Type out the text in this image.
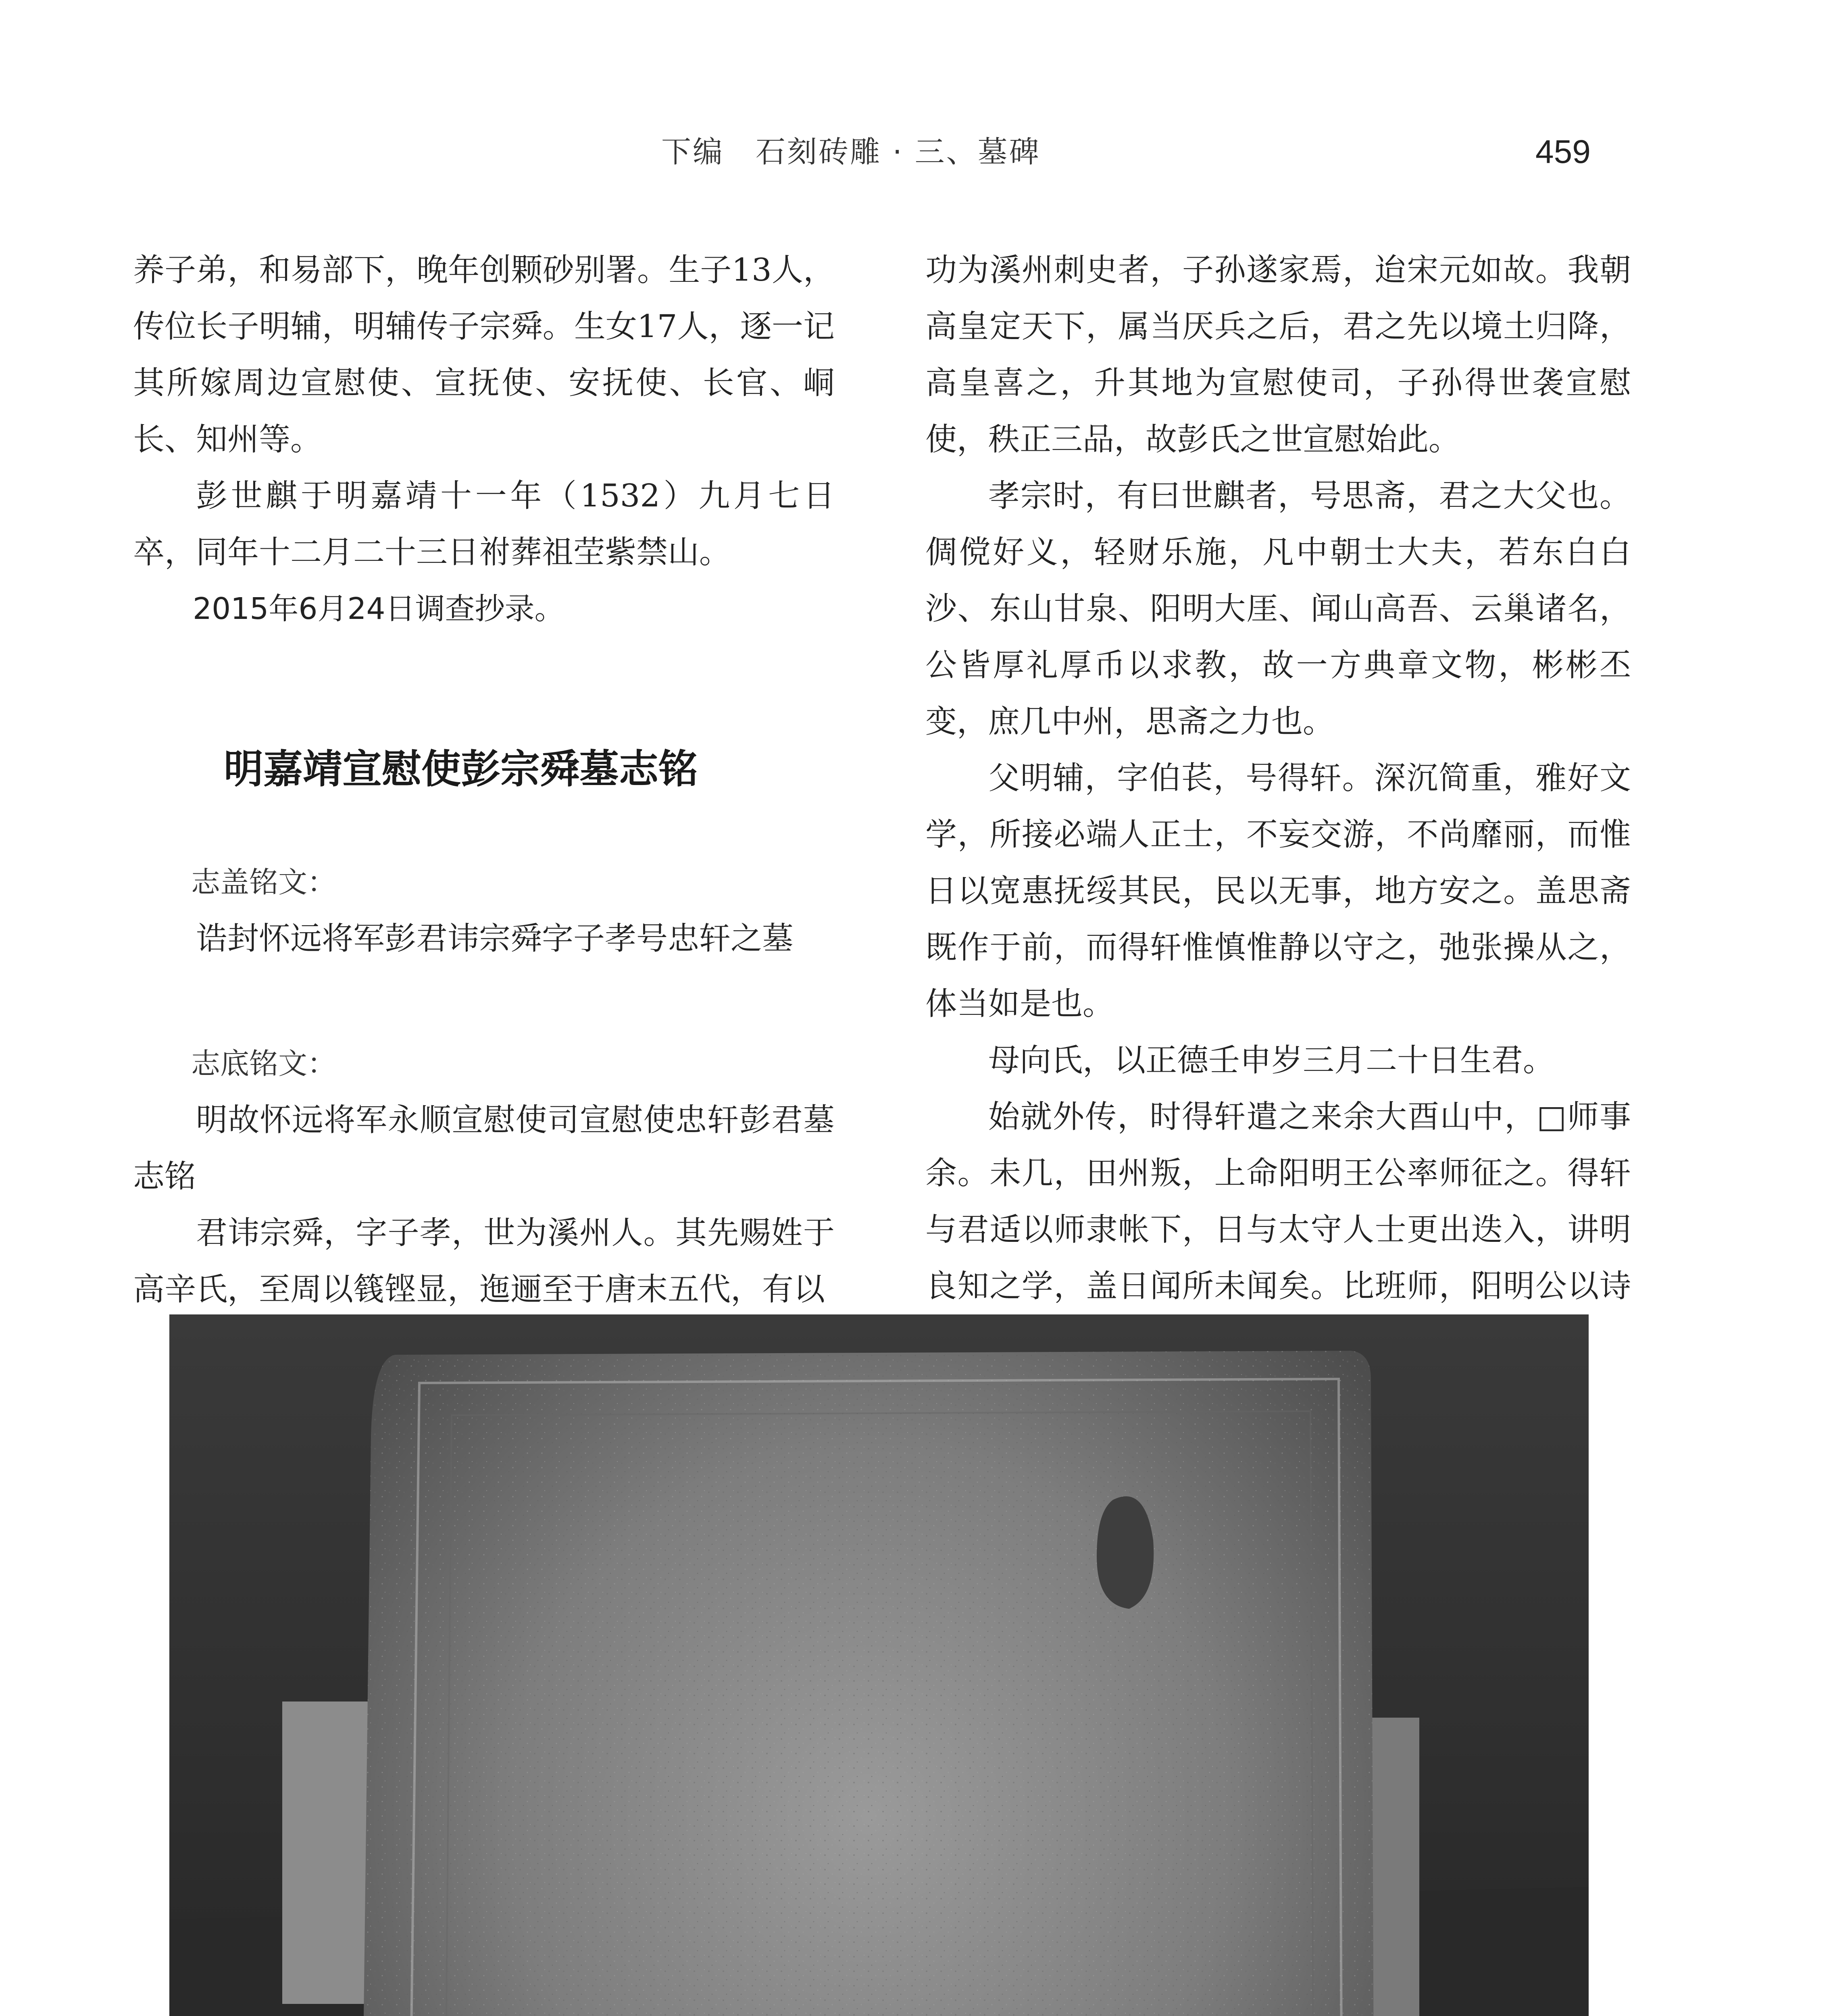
下编　石刻砖雕 · 三、墓碑	459

养子弟，和易部下，晚年创颗砂别署。生子13人，传位长子明辅，明辅传子宗舜。生女17人，逐一记其所嫁周边宣慰使、宣抚使、安抚使、长官、峒长、知州等。

彭世麒于明嘉靖十一年（1532）九月七日卒，同年十二月二十三日祔葬祖茔紫禁山。

2015年6月24日调查抄录。

明嘉靖宣慰使彭宗舜墓志铭

志盖铭文：

诰封怀远将军彭君讳宗舜字子孝号忠轩之墓

志底铭文：

明故怀远将军永顺宣慰使司宣慰使忠轩彭君墓志铭

君讳宗舜，字子孝，世为溪州人。其先赐姓于高辛氏，至周以篯铿显，迤逦至于唐末五代，有以

功为溪州刺史者，子孙遂家焉，迨宋元如故。我朝高皇定天下，属当厌兵之后，君之先以境土归降，高皇喜之，升其地为宣慰使司，子孙得世袭宣慰使，秩正三品，故彭氏之世宣慰始此。

孝宗时，有曰世麒者，号思斋，君之大父也。倜傥好义，轻财乐施，凡中朝士大夫，若东白白沙、东山甘泉、阳明大厓、闻山高吾、云巢诸名，公皆厚礼厚币以求教，故一方典章文物，彬彬丕变，庶几中州，思斋之力也。

父明辅，字伯苌，号得轩。深沉简重，雅好文学，所接必端人正士，不妄交游，不尚靡丽，而惟日以宽惠抚绥其民，民以无事，地方安之。盖思斋既作于前，而得轩惟慎惟静以守之，弛张操从之，体当如是也。

母向氏，以正德壬申岁三月二十日生君。

始就外传，时得轩遣之来余大酉山中，□师事余。未几，田州叛，上命阳明王公率师征之。得轩与君适以师隶帐下，日与太守人士更出迭入，讲明良知之学，盖日闻所未闻矣。比班师，阳明公以诗
